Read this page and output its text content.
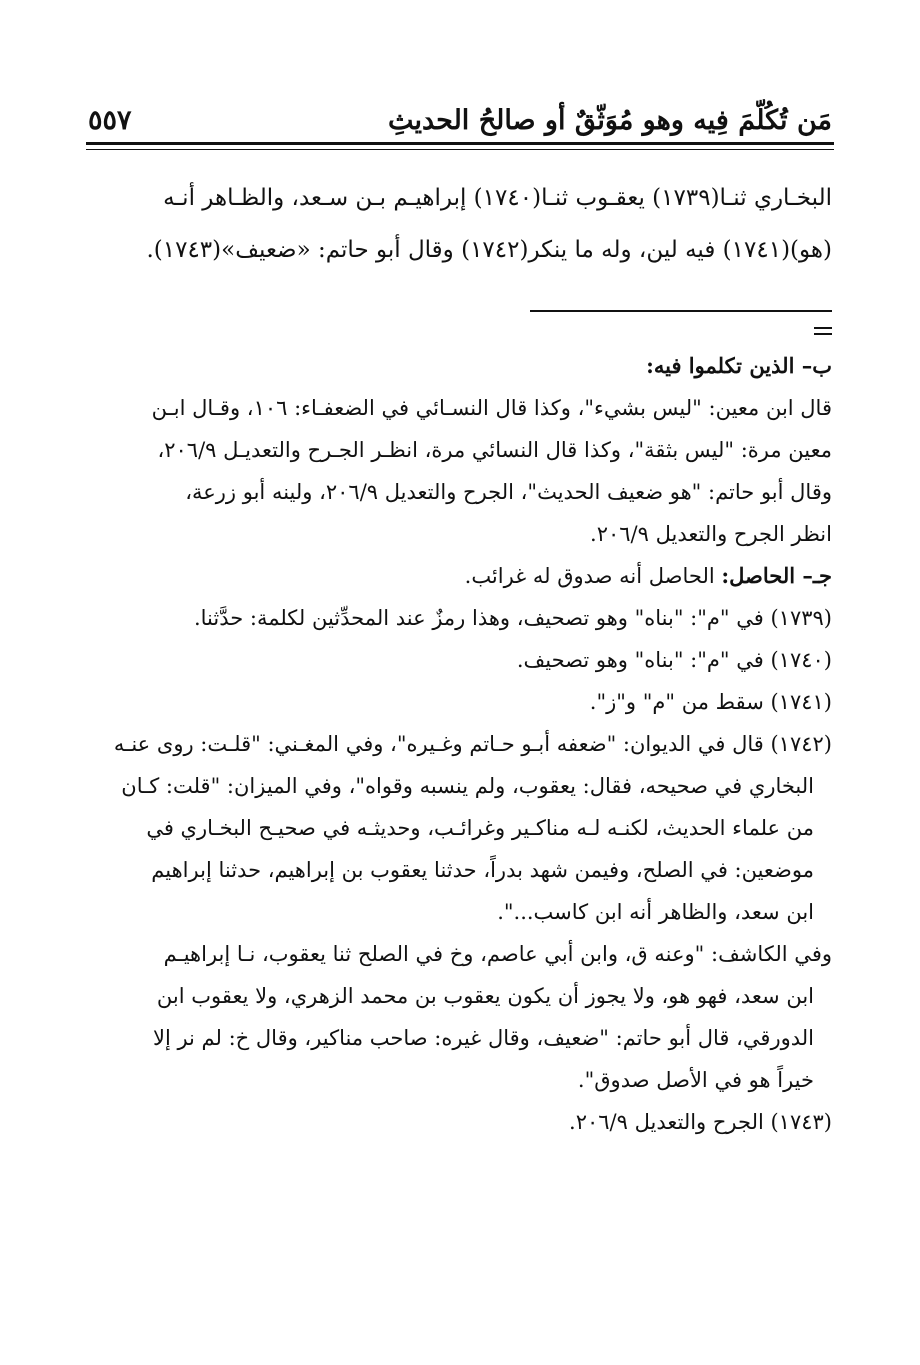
مَن تُكُلّمَ فِيه وهو مُوَثّقٌ أو صالحُ الحديثِ
٥٥٧

البخـاري ثنـا(١٧٣٩) يعقـوب ثنـا(١٧٤٠) إبراهيـم بـن سـعد، والظـاهر أنـه

(هو)(١٧٤١) فيه لين، وله ما ينكر(١٧٤٢) وقال أبو حاتم: «ضعيف»(١٧٤٣).

ب– الذين تكلموا فيه:

قال ابن معين: "ليس بشيء"، وكذا قال النسـائي في الضعفـاء: ١٠٦، وقـال ابـن

معين مرة: "ليس بثقة"، وكذا قال النسائي مرة، انظـر الجـرح والتعديـل ٢٠٦/٩،

وقال أبو حاتم: "هو ضعيف الحديث"، الجرح والتعديل ٢٠٦/٩، ولينه أبو زرعة،

انظر الجرح والتعديل ٢٠٦/٩.

جـ– الحاصل: الحاصل أنه صدوق له غرائب.

(١٧٣٩) في "م": "بناه" وهو تصحيف، وهذا رمزٌ عند المحدِّثين لكلمة: حدَّثنا.

(١٧٤٠) في "م": "بناه" وهو تصحيف.

(١٧٤١) سقط من "م" و"ز".

(١٧٤٢) قال في الديوان: "ضعفه أبـو حـاتم وغـيره"، وفي المغـني: "قلـت: روى عنـه

البخاري في صحيحه، فقال: يعقوب، ولم ينسبه وقواه"، وفي الميزان: "قلت: كـان

من علماء الحديث، لكنـه لـه مناكـير وغرائـب، وحديثـه في صحيـح البخـاري في

موضعين: في الصلح، وفيمن شهد بدراً، حدثنا يعقوب بن إبراهيم، حدثنا إبراهيم

ابن سعد، والظاهر أنه ابن كاسب...".

وفي الكاشف: "وعنه ق، وابن أبي عاصم، وخ في الصلح ثنا يعقوب، نـا إبراهيـم

ابن سعد، فهو هو، ولا يجوز أن يكون يعقوب بن محمد الزهري، ولا يعقوب ابن

الدورقي، قال أبو حاتم: "ضعيف، وقال غيره: صاحب مناكير، وقال خ: لم نر إلا

خيراً هو في الأصل صدوق".

(١٧٤٣) الجرح والتعديل ٢٠٦/٩.
